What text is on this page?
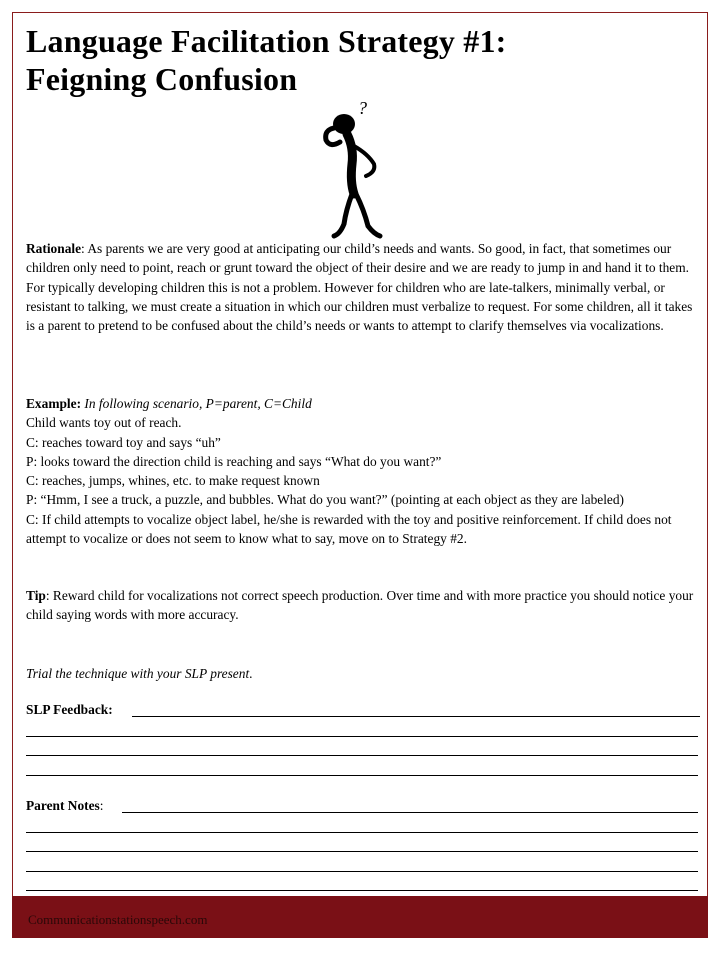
Language Facilitation Strategy #1:
Feigning Confusion
?

Rationale: As parents we are very good at anticipating our child’s needs and wants. So good, in fact, that sometimes our children only need to point, reach or grunt toward the object of their desire and we are ready to jump in and hand it to them. For typically developing children this is not a problem. However for children who are late-talkers, minimally verbal, or resistant to talking, we must create a situation in which our children must verbalize to request. For some children, all it takes is a parent to pretend to be confused about the child’s needs or wants to attempt to clarify themselves via vocalizations.

Example: In following scenario, P=parent, C=Child

Child wants toy out of reach.

C: reaches toward toy and says “uh”

P: looks toward the direction child is reaching and says “What do you want?”

C: reaches, jumps, whines, etc. to make request known

P: “Hmm, I see a truck, a puzzle, and bubbles. What do you want?” (pointing at each object as they are labeled)

C: If child attempts to vocalize object label, he/she is rewarded with the toy and positive reinforcement. If child does not attempt to vocalize or does not seem to know what to say, move on to Strategy #2.

Tip: Reward child for vocalizations not correct speech production. Over time and with more practice you should notice your child saying words with more accuracy.

Trial the technique with your SLP present.
SLP Feedback:
Parent Notes:
Communicationstationspeech.com
